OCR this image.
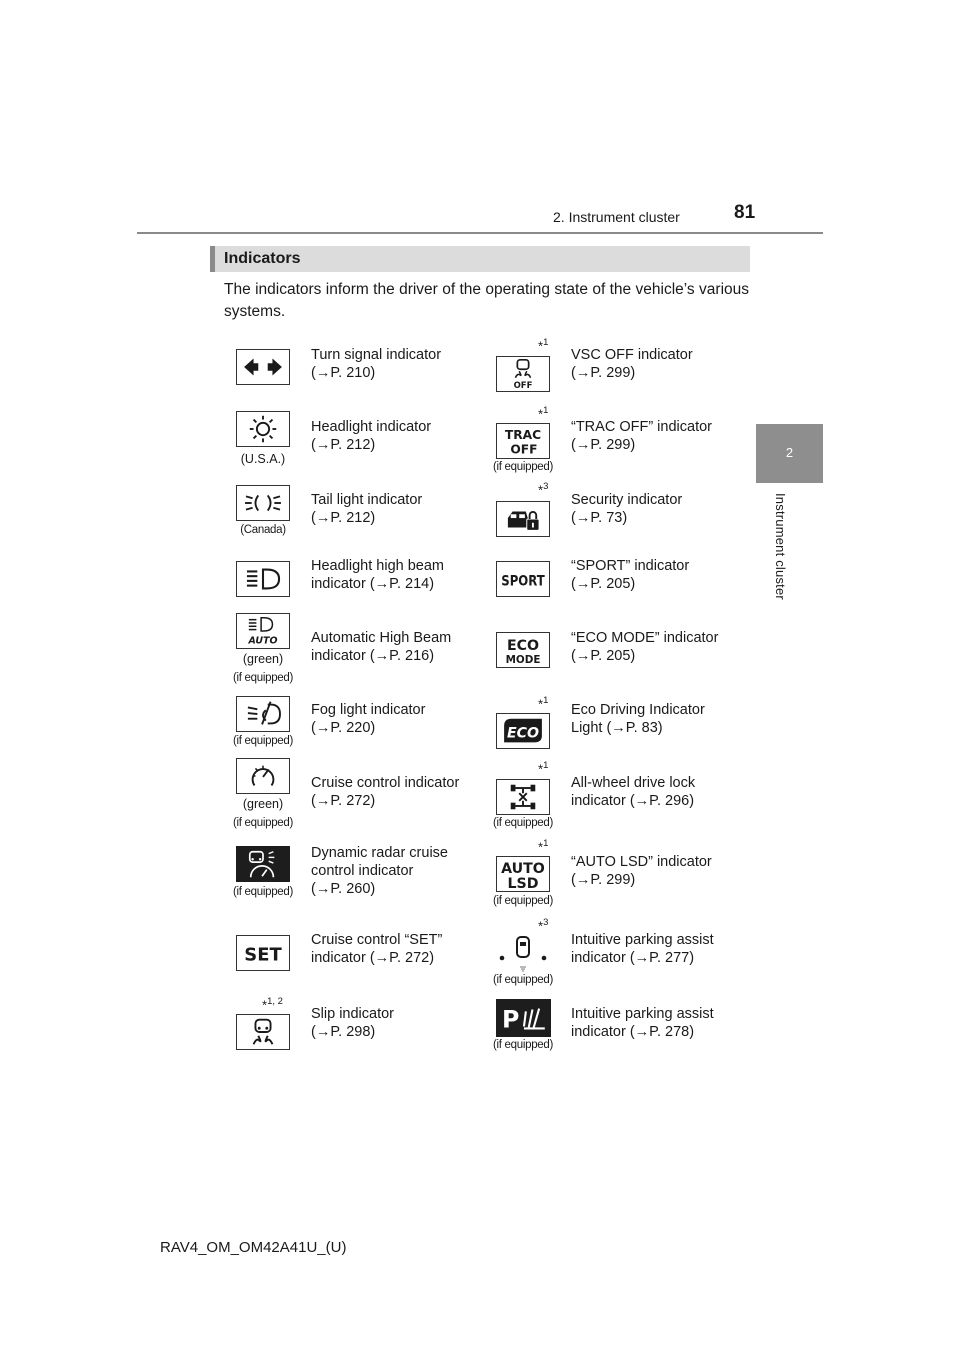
2. Instrument cluster	81
2
Instrument cluster
Indicators
The indicators inform the driver of the operating state of the vehicle’s various systems.
Turn signal indicator
(→P. 210)
(U.S.A.)
Headlight indicator
(→P. 212)
(Canada)
Tail light indicator
(→P. 212)
Headlight high beam
indicator (→P. 214)
AUTO
(green)
(if equipped)
Automatic High Beam
indicator (→P. 216)
(if equipped)
Fog light indicator
(→P. 220)
(green)
(if equipped)
Cruise control indicator
(→P. 272)
(if equipped)
Dynamic radar cruise
control indicator
(→P. 260)
SET
Cruise control “SET”
indicator (→P. 272)
*$^{1, 2}$
Slip indicator
(→P. 298)
*$^1$
OFF
VSC OFF indicator
(→P. 299)
*$^1$
TRAC
OFF
(if equipped)
“TRAC OFF” indicator
(→P. 299)
*$^3$
Security indicator
(→P. 73)
SPORT
“SPORT” indicator
(→P. 205)
ECO
MODE
“ECO MODE” indicator
(→P. 205)
*$^1$
ECO
Eco Driving Indicator
Light (→P. 83)
*$^1$
(if equipped)
All-wheel drive lock
indicator (→P. 296)
*$^1$
AUTO
LSD
(if equipped)
“AUTO LSD” indicator
(→P. 299)
*$^3$
(if equipped)
Intuitive parking assist
indicator (→P. 277)
P
(if equipped)
Intuitive parking assist
indicator (→P. 278)
RAV4_OM_OM42A41U_(U)
